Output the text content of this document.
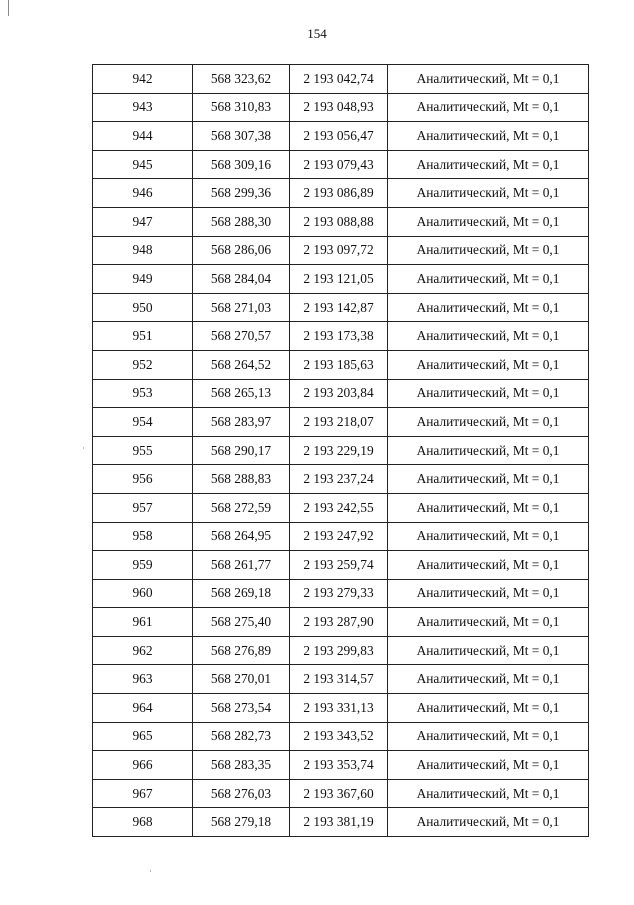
154
942	568 323,62	2 193 042,74	Аналитический, Mt = 0,1
943	568 310,83	2 193 048,93	Аналитический, Mt = 0,1
944	568 307,38	2 193 056,47	Аналитический, Mt = 0,1
945	568 309,16	2 193 079,43	Аналитический, Mt = 0,1
946	568 299,36	2 193 086,89	Аналитический, Mt = 0,1
947	568 288,30	2 193 088,88	Аналитический, Mt = 0,1
948	568 286,06	2 193 097,72	Аналитический, Mt = 0,1
949	568 284,04	2 193 121,05	Аналитический, Mt = 0,1
950	568 271,03	2 193 142,87	Аналитический, Mt = 0,1
951	568 270,57	2 193 173,38	Аналитический, Mt = 0,1
952	568 264,52	2 193 185,63	Аналитический, Mt = 0,1
953	568 265,13	2 193 203,84	Аналитический, Mt = 0,1
954	568 283,97	2 193 218,07	Аналитический, Mt = 0,1
955	568 290,17	2 193 229,19	Аналитический, Mt = 0,1
956	568 288,83	2 193 237,24	Аналитический, Mt = 0,1
957	568 272,59	2 193 242,55	Аналитический, Mt = 0,1
958	568 264,95	2 193 247,92	Аналитический, Mt = 0,1
959	568 261,77	2 193 259,74	Аналитический, Mt = 0,1
960	568 269,18	2 193 279,33	Аналитический, Mt = 0,1
961	568 275,40	2 193 287,90	Аналитический, Mt = 0,1
962	568 276,89	2 193 299,83	Аналитический, Mt = 0,1
963	568 270,01	2 193 314,57	Аналитический, Mt = 0,1
964	568 273,54	2 193 331,13	Аналитический, Mt = 0,1
965	568 282,73	2 193 343,52	Аналитический, Mt = 0,1
966	568 283,35	2 193 353,74	Аналитический, Mt = 0,1
967	568 276,03	2 193 367,60	Аналитический, Mt = 0,1
968	568 279,18	2 193 381,19	Аналитический, Mt = 0,1
